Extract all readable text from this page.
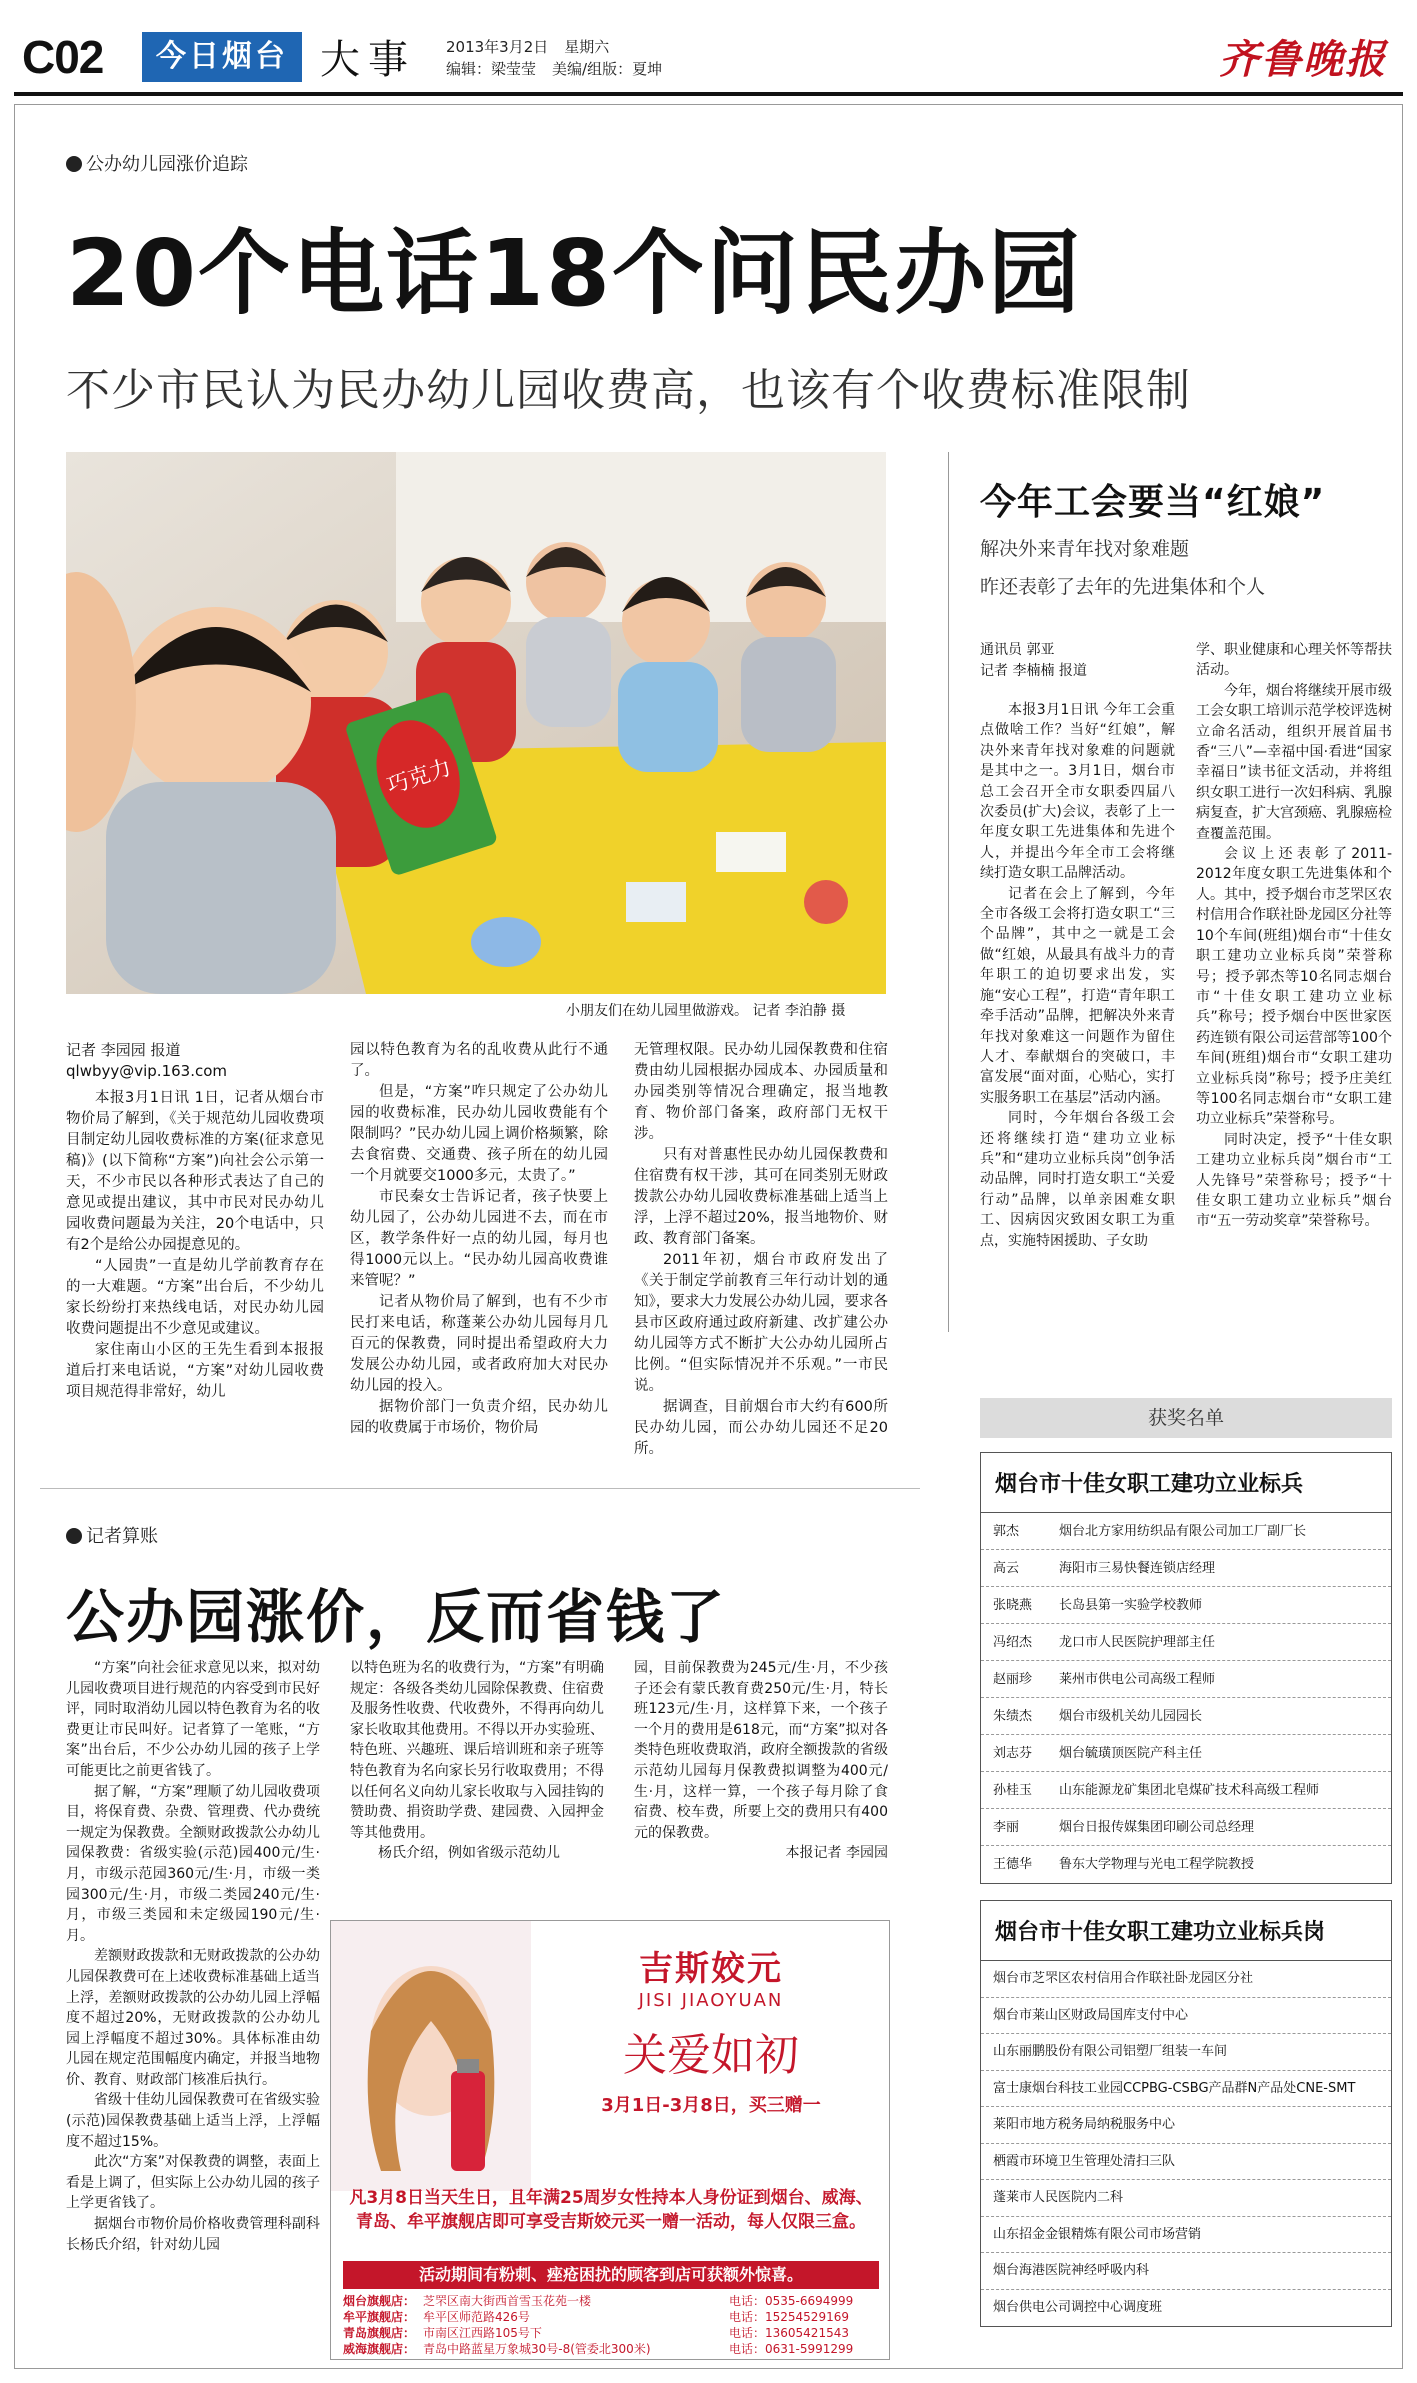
C02	今日烟台 大事 2013年3月2日 星期六
编辑：梁莹莹 美编/组版：夏坤	齐鲁晚报
公办幼儿园涨价追踪
20个电话18个问民办园
不少市民认为民办幼儿园收费高，也该有个收费标准限制
巧克力
小朋友们在幼儿园里做游戏。 记者 李泊静 摄
记者 李园园 报道
qlwbyy@vip.163.com

本报3月1日讯 1日，记者从烟台市物价局了解到，《关于规范幼儿园收费项目制定幼儿园收费标准的方案(征求意见稿)》(以下简称“方案”)向社会公示第一天，不少市民以各种形式表达了自己的意见或提出建议，其中市民对民办幼儿园收费问题最为关注，20个电话中，只有2个是给公办园提意见的。

“人园贵”一直是幼儿学前教育存在的一大难题。“方案”出台后，不少幼儿家长纷纷打来热线电话，对民办幼儿园收费问题提出不少意见或建议。

家住南山小区的王先生看到本报报道后打来电话说，“方案”对幼儿园收费项目规范得非常好，幼儿

园以特色教育为名的乱收费从此行不通了。

但是，“方案”咋只规定了公办幼儿园的收费标准，民办幼儿园收费能有个限制吗？”民办幼儿园上调价格频繁，除去食宿费、交通费、孩子所在的幼儿园一个月就要交1000多元，太贵了。”

市民秦女士告诉记者，孩子快要上幼儿园了，公办幼儿园进不去，而在市区，教学条件好一点的幼儿园，每月也得1000元以上。“民办幼儿园高收费谁来管呢？”

记者从物价局了解到，也有不少市民打来电话，称蓬莱公办幼儿园每月几百元的保教费，同时提出希望政府大力发展公办幼儿园，或者政府加大对民办幼儿园的投入。

据物价部门一负责介绍，民办幼儿园的收费属于市场价，物价局

无管理权限。民办幼儿园保教费和住宿费由幼儿园根据办园成本、办园质量和办园类别等情况合理确定，报当地教育、物价部门备案，政府部门无权干涉。

只有对普惠性民办幼儿园保教费和住宿费有权干涉，其可在同类别无财政拨款公办幼儿园收费标准基础上适当上浮，上浮不超过20%，报当地物价、财政、教育部门备案。

2011年初，烟台市政府发出了《关于制定学前教育三年行动计划的通知》，要求大力发展公办幼儿园，要求各县市区政府通过政府新建、改扩建公办幼儿园等方式不断扩大公办幼儿园所占比例。“但实际情况并不乐观。”一市民说。

据调查，目前烟台市大约有600所民办幼儿园，而公办幼儿园还不足20所。

记者算账
公办园涨价，反而省钱了

“方案”向社会征求意见以来，拟对幼儿园收费项目进行规范的内容受到市民好评，同时取消幼儿园以特色教育为名的收费更让市民叫好。记者算了一笔账，“方案”出台后，不少公办幼儿园的孩子上学可能更比之前更省钱了。

据了解，“方案”理顺了幼儿园收费项目，将保育费、杂费、管理费、代办费统一规定为保教费。全额财政拨款公办幼儿园保教费：省级实验(示范)园400元/生·月，市级示范园360元/生·月，市级一类园300元/生·月，市级二类园240元/生·月，市级三类园和未定级园190元/生·月。

差额财政拨款和无财政拨款的公办幼儿园保教费可在上述收费标准基础上适当上浮，差额财政拨款的公办幼儿园上浮幅度不超过20%，无财政拨款的公办幼儿园上浮幅度不超过30%。具体标准由幼儿园在规定范围幅度内确定，并报当地物价、教育、财政部门核准后执行。

省级十佳幼儿园保教费可在省级实验(示范)园保教费基础上适当上浮，上浮幅度不超过15%。

此次“方案”对保教费的调整，表面上看是上调了，但实际上公办幼儿园的孩子上学更省钱了。

据烟台市物价局价格收费管理科副科长杨氏介绍，针对幼儿园

以特色班为名的收费行为，“方案”有明确规定：各级各类幼儿园除保教费、住宿费及服务性收费、代收费外，不得再向幼儿家长收取其他费用。不得以开办实验班、特色班、兴趣班、课后培训班和亲子班等特色教育为名向家长另行收取费用；不得以任何名义向幼儿家长收取与入园挂钩的赞助费、捐资助学费、建园费、入园押金等其他费用。

杨氏介绍，例如省级示范幼儿

园，目前保教费为245元/生·月，不少孩子还会有蒙氏教育费250元/生·月，特长班123元/生·月，这样算下来，一个孩子一个月的费用是618元，而“方案”拟对各类特色班收费取消，政府全额拨款的省级示范幼儿园每月保教费拟调整为400元/生·月，这样一算，一个孩子每月除了食宿费、校车费，所要上交的费用只有400元的保教费。

本报记者 李园园

吉斯姣元
JISI JIAOYUAN
关爱如初
3月1日-3月8日，买三赠一
凡3月8日当天生日，且年满25周岁女性持本人身份证到烟台、威海、青岛、牟平旗舰店即可享受吉斯姣元买一赠一活动，每人仅限三盒。
活动期间有粉刺、痤疮困扰的顾客到店可获额外惊喜。
烟台旗舰店： 芝罘区南大街西首雪玉花苑一楼	电话：0535-6694999
牟平旗舰店： 牟平区师范路426号	电话：15254529169
青岛旗舰店： 市南区江西路105号下	电话：13605421543
威海旗舰店： 青岛中路蓝星万象城30号-8(管委北300米)	电话：0631-5991299
今年工会要当“红娘”
解决外来青年找对象难题
昨还表彰了去年的先进集体和个人
通讯员 郭亚
记者 李楠楠 报道

本报3月1日讯 今年工会重点做啥工作？当好“红娘”，解决外来青年找对象难的问题就是其中之一。3月1日，烟台市总工会召开全市女职委四届八次委员(扩大)会议，表彰了上一年度女职工先进集体和先进个人，并提出今年全市工会将继续打造女职工品牌活动。

记者在会上了解到，今年全市各级工会将打造女职工“三个品牌”，其中之一就是工会做“红娘，从最具有战斗力的青年职工的迫切要求出发，实施“安心工程”，打造“青年职工牵手活动”品牌，把解决外来青年找对象难这一问题作为留住人才、奉献烟台的突破口，丰富发展“面对面，心贴心，实打实服务职工在基层”活动内涵。

同时，今年烟台各级工会还将继续打造“建功立业标兵”和“建功立业标兵岗”创争活动品牌，同时打造女职工“关爱行动”品牌，以单亲困难女职工、因病因灾致困女职工为重点，实施特困援助、子女助

学、职业健康和心理关怀等帮扶活动。

今年，烟台将继续开展市级工会女职工培训示范学校评选树立命名活动，组织开展首届书香“三八”—幸福中国·看进“国家幸福日”读书征文活动，并将组织女职工进行一次妇科病、乳腺病复查，扩大宫颈癌、乳腺癌检查覆盖范围。

会议上还表彰了2011-2012年度女职工先进集体和个人。其中，授予烟台市芝罘区农村信用合作联社卧龙园区分社等10个车间(班组)烟台市“十佳女职工建功立业标兵岗”荣誉称号；授予郭杰等10名同志烟台市“十佳女职工建功立业标兵”称号；授予烟台中医世家医药连锁有限公司运营部等100个车间(班组)烟台市“女职工建功立业标兵岗”称号；授予庄美红等100名同志烟台市“女职工建功立业标兵”荣誉称号。

同时决定，授予“十佳女职工建功立业标兵岗”烟台市“工人先锋号”荣誉称号；授予“十佳女职工建功立业标兵”烟台市“五一劳动奖章”荣誉称号。

获奖名单
烟台市十佳女职工建功立业标兵
郭杰	烟台北方家用纺织品有限公司加工厂副厂长
高云	海阳市三易快餐连锁店经理
张晓燕	长岛县第一实验学校教师
冯绍杰	龙口市人民医院护理部主任
赵丽珍	莱州市供电公司高级工程师
朱绩杰	烟台市级机关幼儿园园长
刘志芬	烟台毓璜顶医院产科主任
孙桂玉	山东能源龙矿集团北皂煤矿技术科高级工程师
李丽	烟台日报传媒集团印刷公司总经理
王德华	鲁东大学物理与光电工程学院教授
烟台市十佳女职工建功立业标兵岗
烟台市芝罘区农村信用合作联社卧龙园区分社
烟台市莱山区财政局国库支付中心
山东丽鹏股份有限公司铝塑厂组装一车间
富士康烟台科技工业园CCPBG-CSBG产品群N产品处CNE-SMT
莱阳市地方税务局纳税服务中心
栖霞市环境卫生管理处清扫三队
蓬莱市人民医院内二科
山东招金金银精炼有限公司市场营销
烟台海港医院神经呼吸内科
烟台供电公司调控中心调度班
